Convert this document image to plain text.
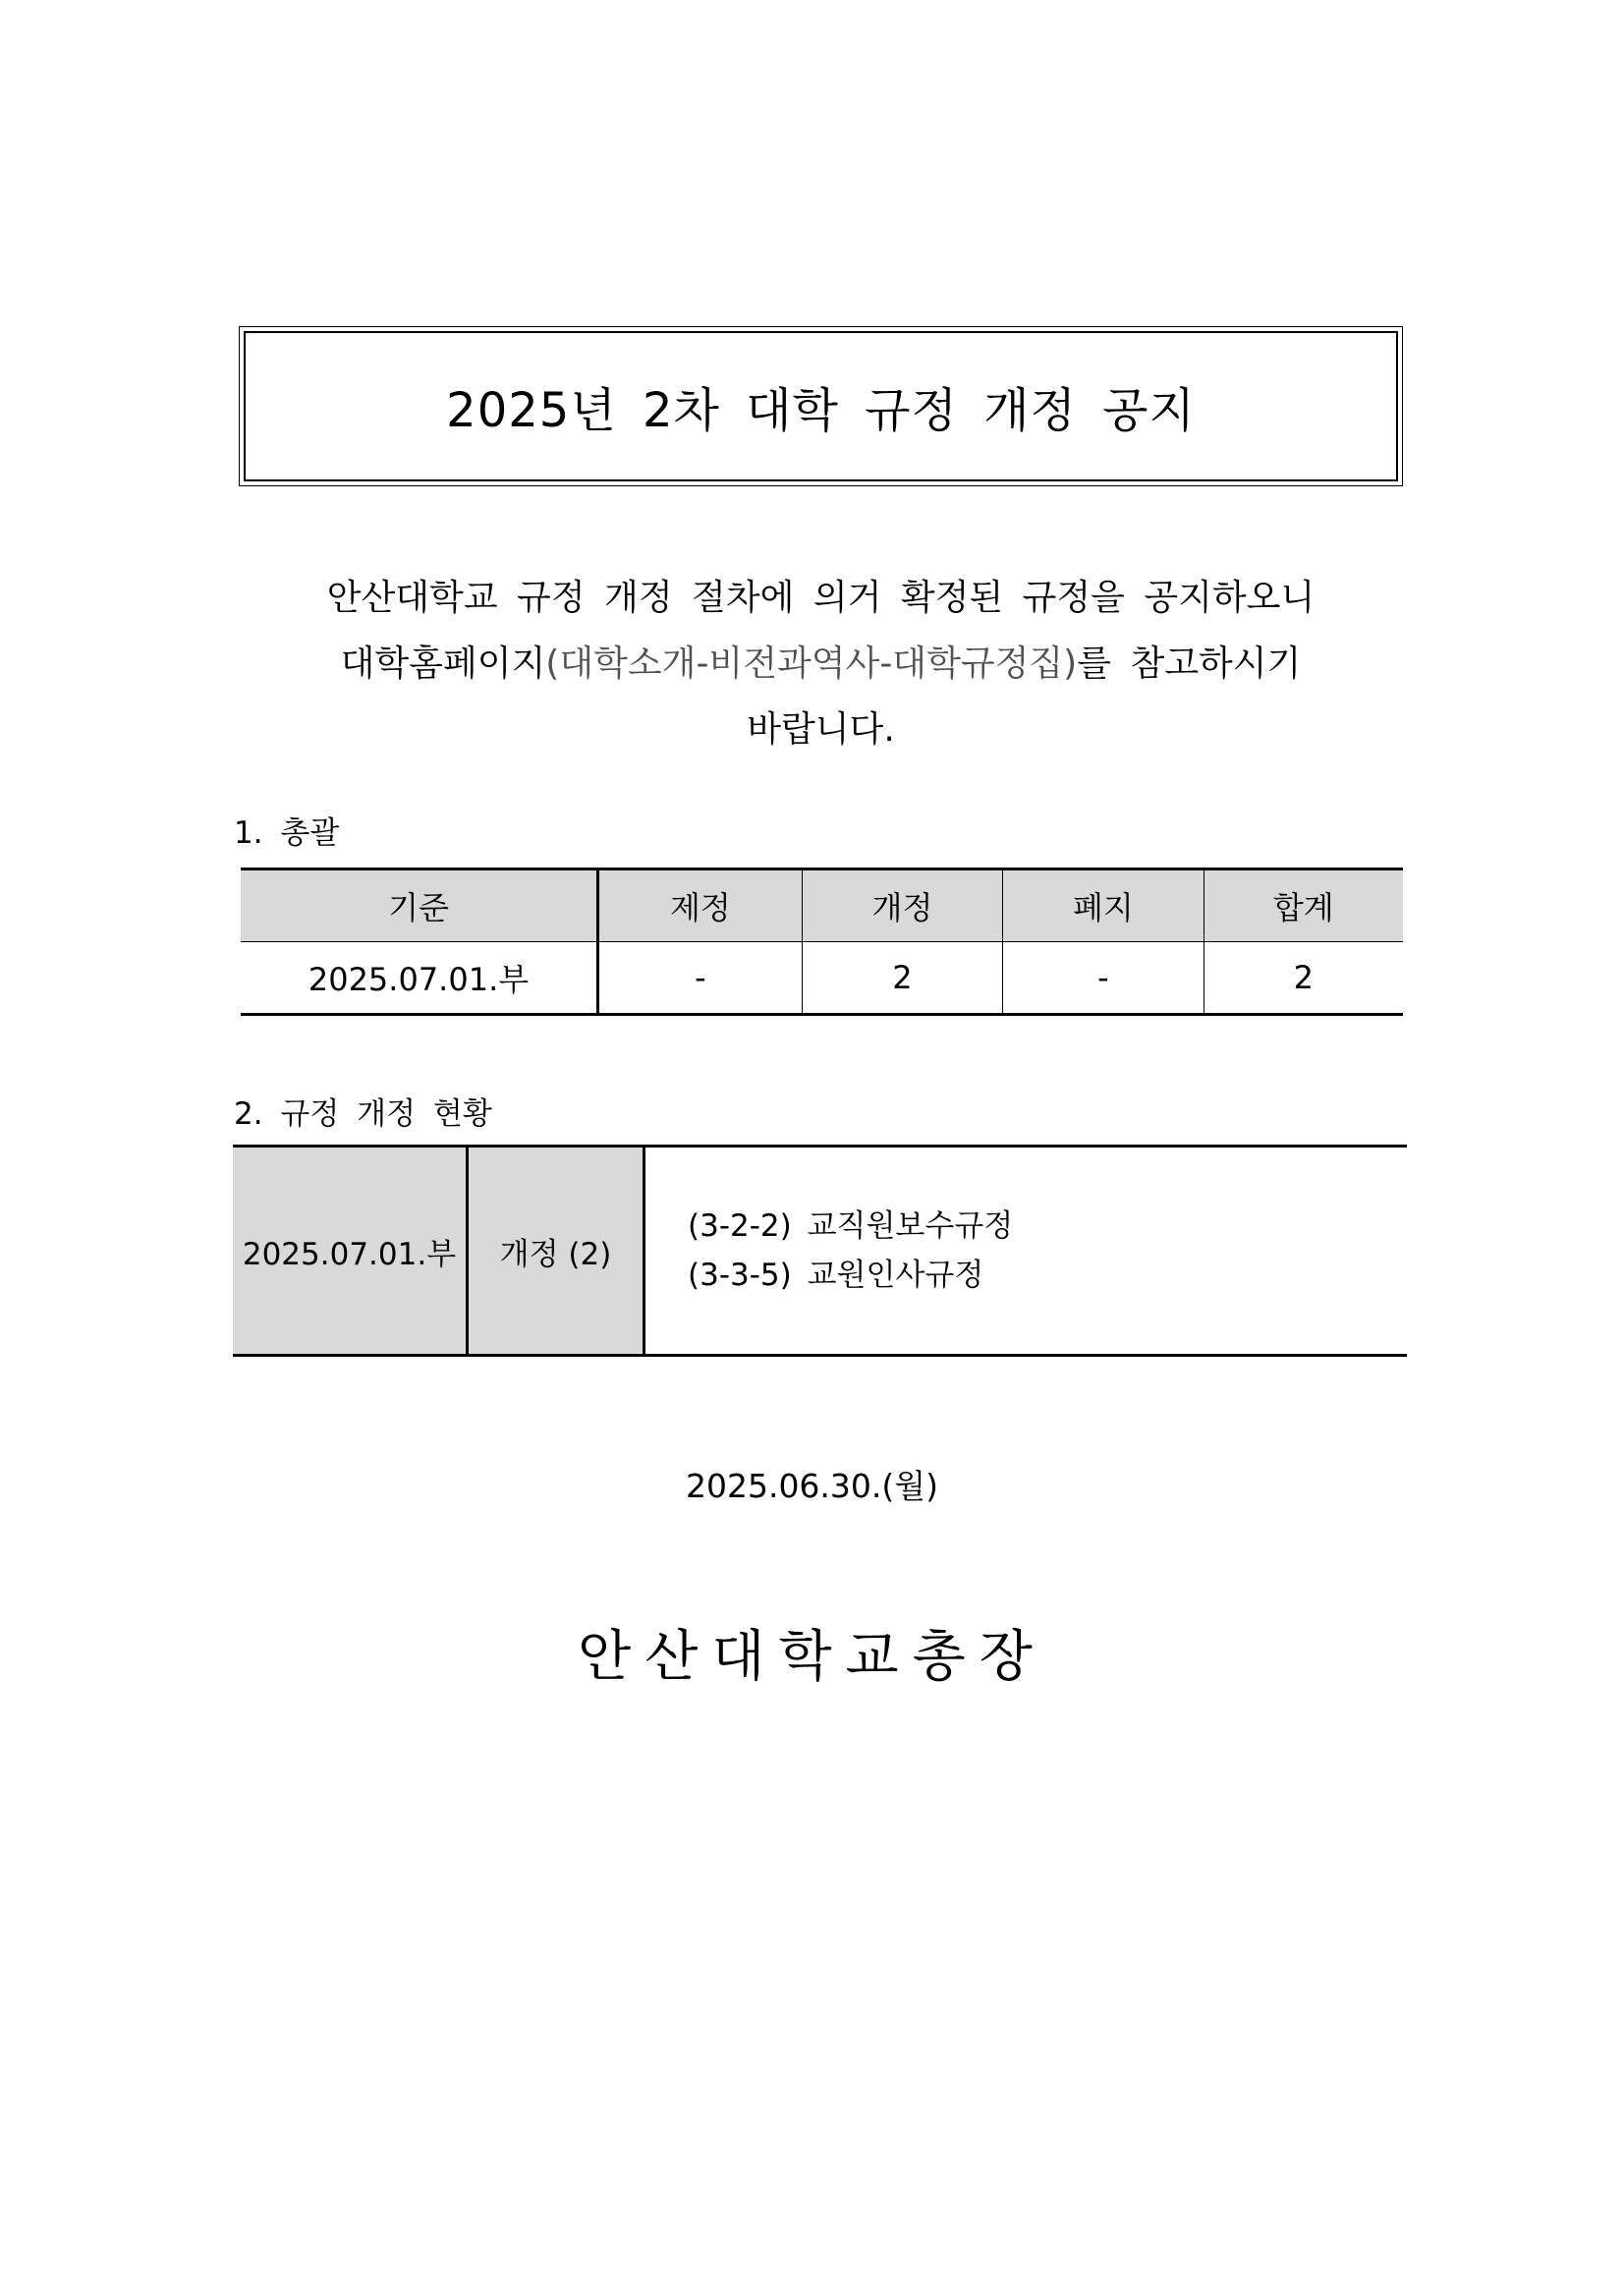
2025년 2차 대학 규정 개정 공지
안산대학교 규정 개정 절차에 의거 확정된 규정을 공지하오니
대학홈페이지(대학소개-비전과역사-대학규정집)를 참고하시기
바랍니다.
1. 총괄
기준	제정	개정	폐지	합계
2025.07.01.부	-	2	-	2
2. 규정 개정 현황
2025.07.01.부	개정 (2)	
(3-2-2) 교직원보수규정
(3-3-5) 교원인사규정
2025.06.30.(월)
안산대학교총장
